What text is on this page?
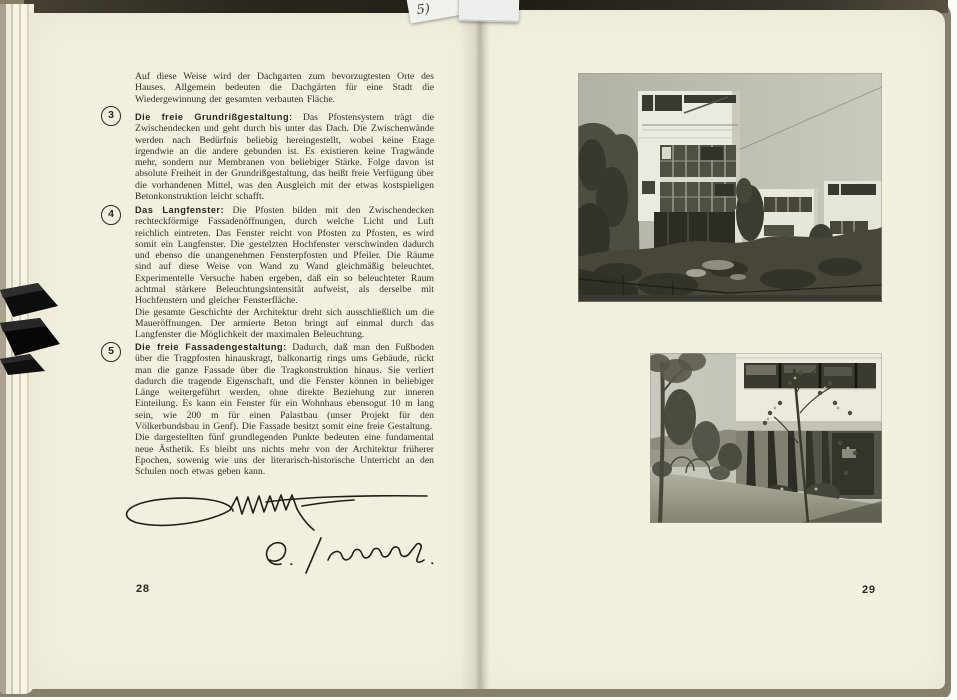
5)

Auf diese Weise wird der Dachgarten zum bevorzugtesten Orte des Hauses. Allgemein bedeuten die Dachgärten für eine Stadt die Wiedergewinnung der gesamten verbauten Fläche.

3	Die freie Grundrißgestaltung: Das Pfostensystem trägt die Zwischendecken und geht durch bis unter das Dach. Die Zwischenwände werden nach Bedürfnis beliebig hereingestellt, wobei keine Etage irgendwie an die andere gebunden ist. Es existieren keine Tragwände mehr, sondern nur Membranen von beliebiger Stärke. Folge davon ist absolute Freiheit in der Grundrißgestaltung, das heißt freie Verfügung über die vorhandenen Mittel, was den Ausgleich mit der etwas kostspieligen Betonkonstruktion leicht schafft.

4	Das Langfenster: Die Pfosten bilden mit den Zwischendecken rechteckförmige Fassadenöffnungen, durch welche Licht und Luft reichlich eintreten. Das Fenster reicht von Pfosten zu Pfosten, es wird somit ein Langfenster. Die gestelzten Hochfenster verschwinden dadurch und ebenso die unangenehmen Fensterpfosten und Pfeiler. Die Räume sind auf diese Weise von Wand zu Wand gleichmäßig beleuchtet. Experimentelle Versuche haben ergeben, daß ein so beleuchteter Raum achtmal stärkere Beleuchtungsintensität aufweist, als derselbe mit Hochfenstern und gleicher Fensterfläche.
Die gesamte Geschichte der Architektur dreht sich ausschließlich um die Maueröffnungen. Der armierte Beton bringt auf einmal durch das Langfenster die Möglichkeit der maximalen Beleuchtung.

5	Die freie Fassadengestaltung: Dadurch, daß man den Fußboden über die Tragpfosten hinauskragt, balkonartig rings ums Gebäude, rückt man die ganze Fassade über die Tragkonstruktion hinaus. Sie verliert dadurch die tragende Eigenschaft, und die Fenster können in beliebiger Länge weitergeführt werden, ohne direkte Beziehung zur inneren Einteilung. Es kann ein Fenster für ein Wohnhaus ebensogut 10 m lang sein, wie 200 m für einen Palastbau (unser Projekt für den Völkerbundsbau in Genf). Die Fassade besitzt somit eine freie Gestaltung.
Die dargestellten fünf grundlegenden Punkte bedeuten eine fundamental neue Ästhetik. Es bleibt uns nichts mehr von der Architektur früherer Epochen, sowenig wie uns der literarisch-historische Unterricht an den Schulen noch etwas geben kann.

28	29
